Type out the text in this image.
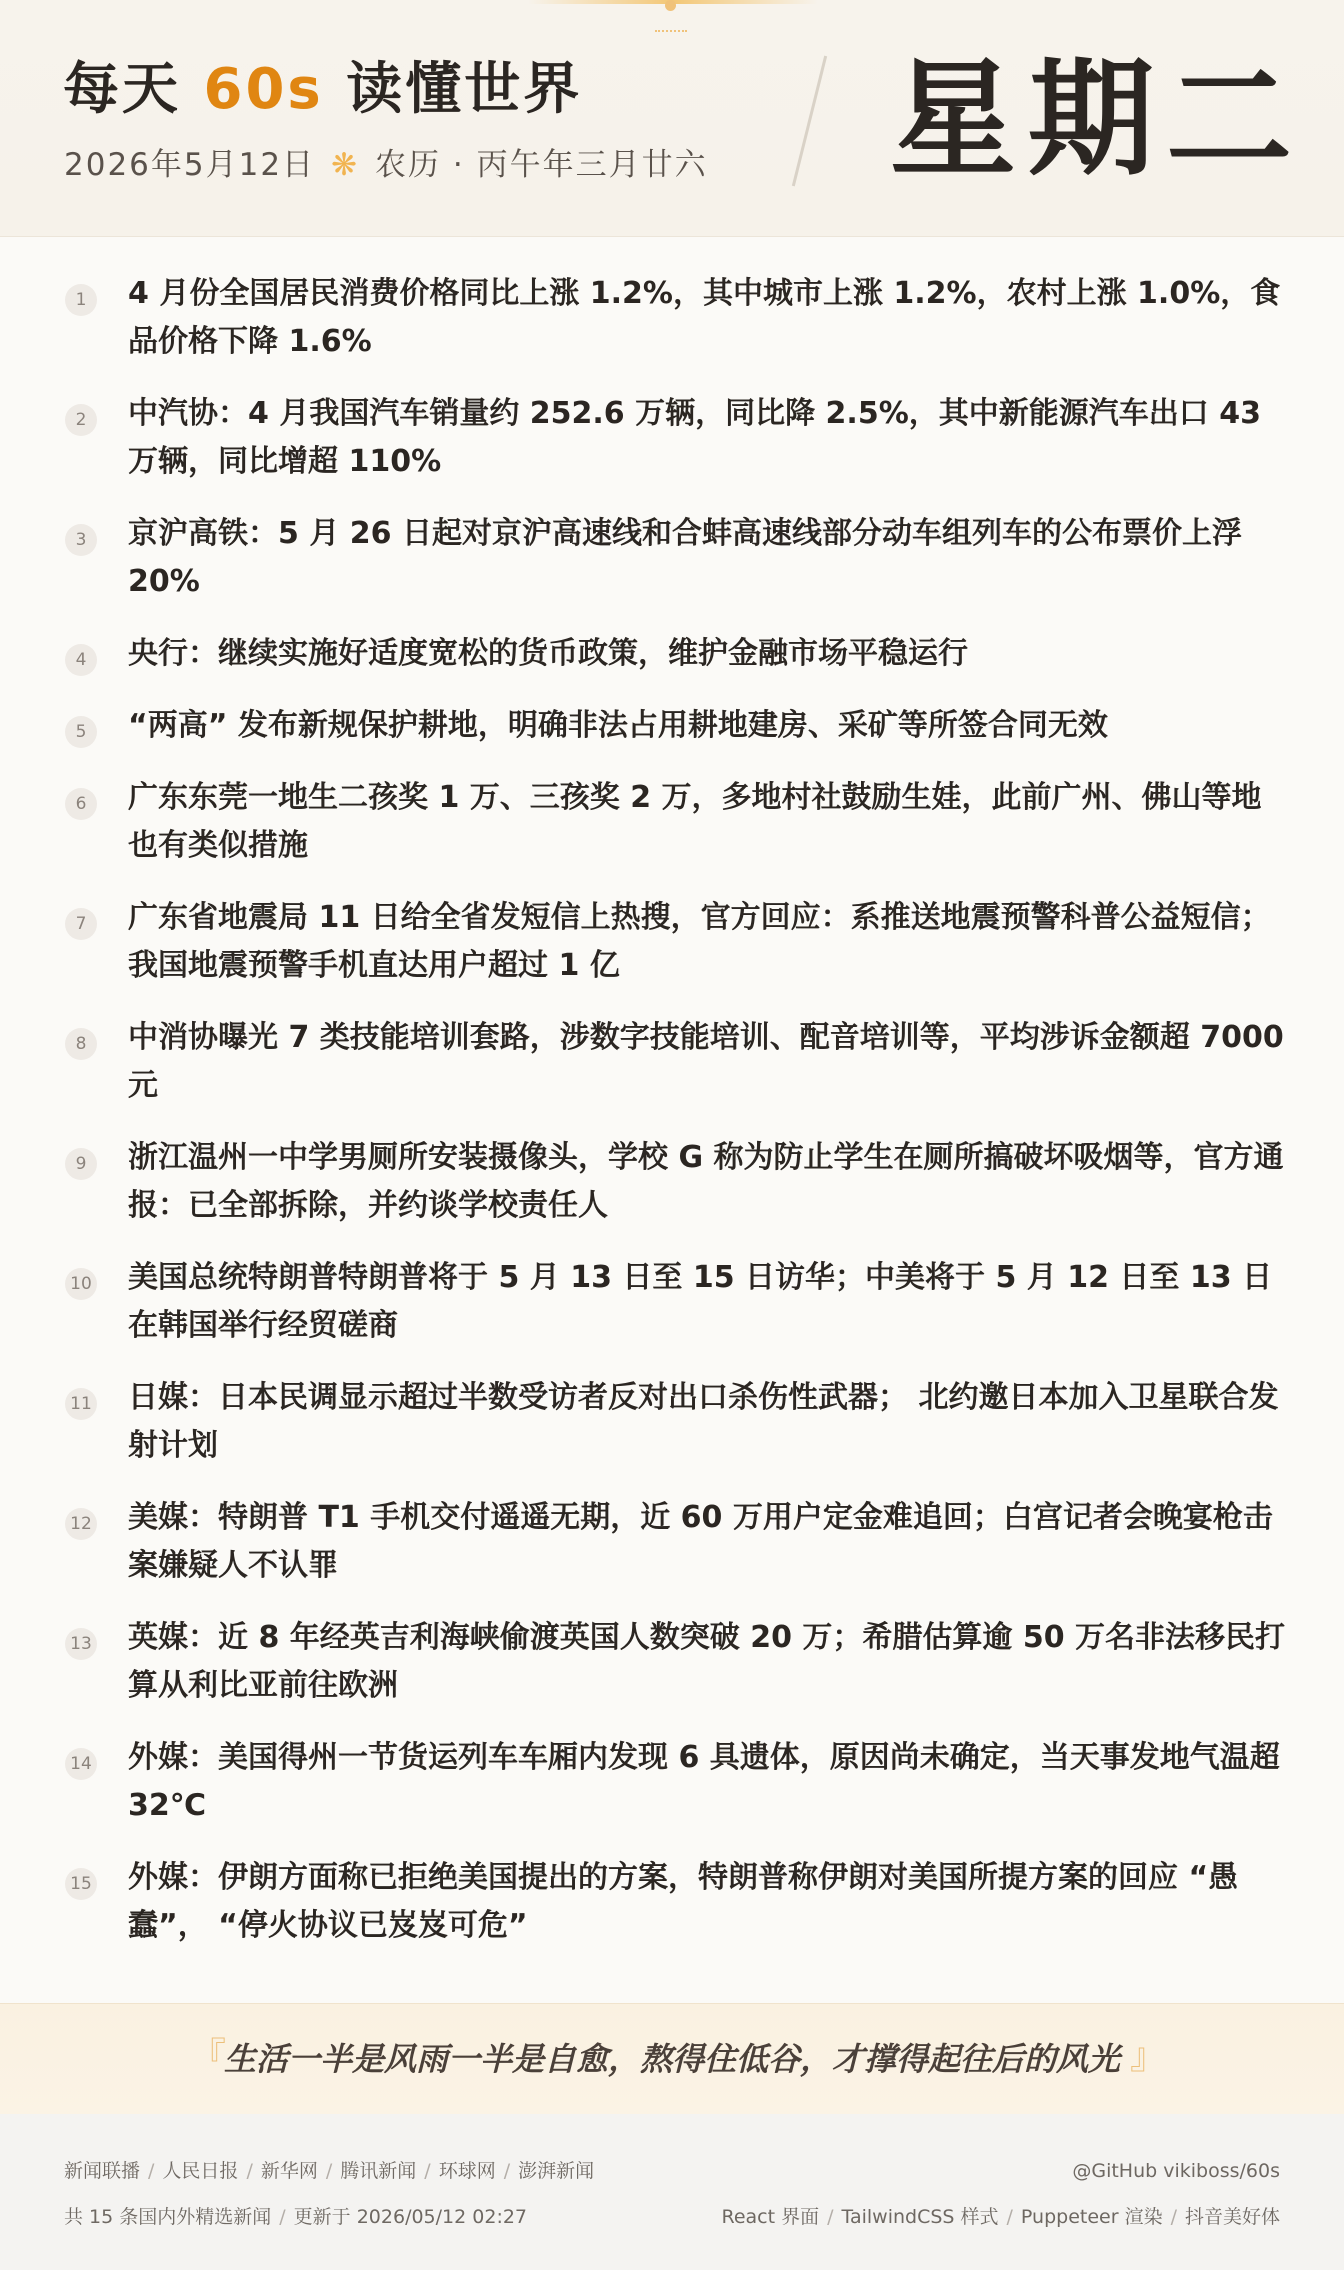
每天 60s 读懂世界
2026年5月12日 ❋ 农历 · 丙午年三月廿六 星期二
1	4 月份全国居民消费价格同比上涨 1.2%，其中城市上涨 1.2%，农村上涨 1.0%，食品价格下降 1.6%
2	中汽协：4 月我国汽车销量约 252.6 万辆，同比降 2.5%，其中新能源汽车出口 43 万辆，同比增超 110%
3	京沪高铁：5 月 26 日起对京沪高速线和合蚌高速线部分动车组列车的公布票价上浮 20%
4	央行：继续实施好适度宽松的货币政策，维护金融市场平稳运行
5	“两高” 发布新规保护耕地，明确非法占用耕地建房、采矿等所签合同无效
6	广东东莞一地生二孩奖 1 万、三孩奖 2 万，多地村社鼓励生娃，此前广州、佛山等地也有类似措施
7	广东省地震局 11 日给全省发短信上热搜，官方回应：系推送地震预警科普公益短信；我国地震预警手机直达用户超过 1 亿
8	中消协曝光 7 类技能培训套路，涉数字技能培训、配音培训等，平均涉诉金额超 7000 元
9	浙江温州一中学男厕所安装摄像头，学校 G 称为防止学生在厕所搞破坏吸烟等，官方通报：已全部拆除，并约谈学校责任人
10 美国总统特朗普特朗普将于 5 月 13 日至 15 日访华；中美将于 5 月 12 日至 13 日在韩国举行经贸磋商
11 日媒：日本民调显示超过半数受访者反对出口杀伤性武器； 北约邀日本加入卫星联合发射计划
12 美媒：特朗普 T1 手机交付遥遥无期，近 60 万用户定金难追回；白宫记者会晚宴枪击案嫌疑人不认罪
13 英媒：近 8 年经英吉利海峡偷渡英国人数突破 20 万；希腊估算逾 50 万名非法移民打算从利比亚前往欧洲
14 外媒：美国得州一节货运列车车厢内发现 6 具遗体，原因尚未确定，当天事发地气温超 32℃
15 外媒：伊朗方面称已拒绝美国提出的方案，特朗普称伊朗对美国所提方案的回应 “愚蠢”， “停火协议已岌岌可危”
『
生活一半是风雨一半是自愈，熬得住低谷，才撑得起往后的风光 』
新闻联播 / 人民日报 / 新华网 / 腾讯新闻 / 环球网 / 澎湃新闻
共 15 条国内外精选新闻 / 更新于 2026/05/12 02:27
@GitHub vikiboss/60s
React 界面 / TailwindCSS 样式 / Puppeteer 渲染 / 抖音美好体
